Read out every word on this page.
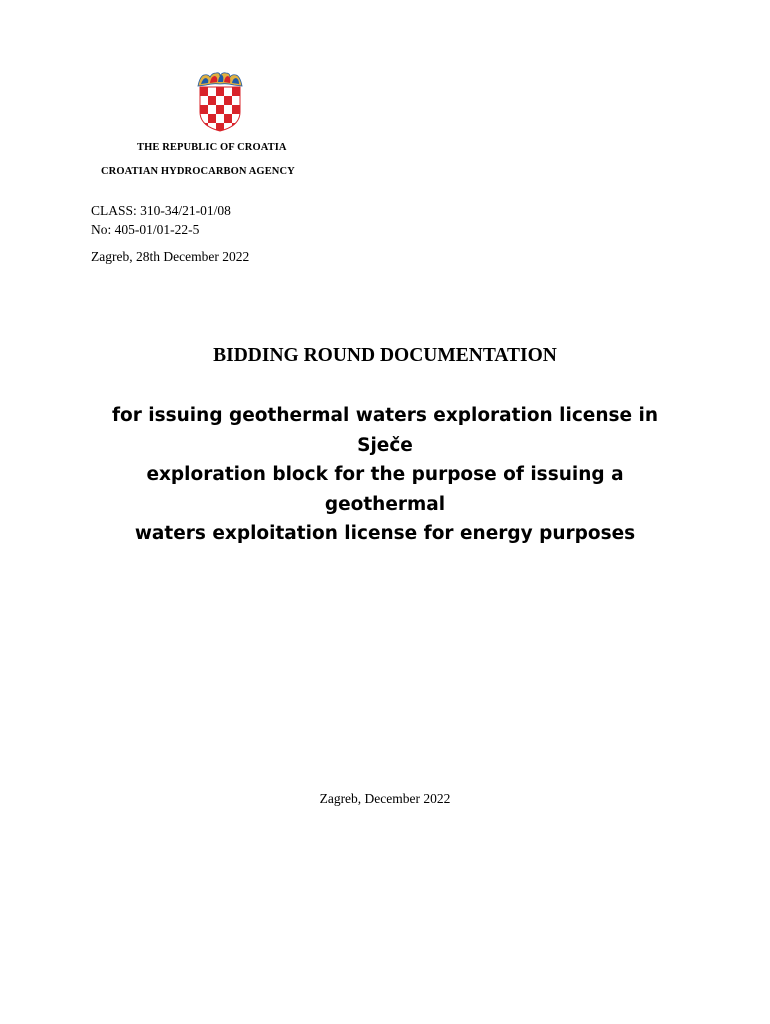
THE REPUBLIC OF CROATIA
CROATIAN HYDROCARBON AGENCY
CLASS: 310-34/21-01/08
No: 405-01/01-22-5
Zagreb, 28th December 2022
BIDDING ROUND DOCUMENTATION
for issuing geothermal waters exploration license in Sječe
exploration block for the purpose of issuing a geothermal
waters exploitation license for energy purposes
Zagreb, December 2022
